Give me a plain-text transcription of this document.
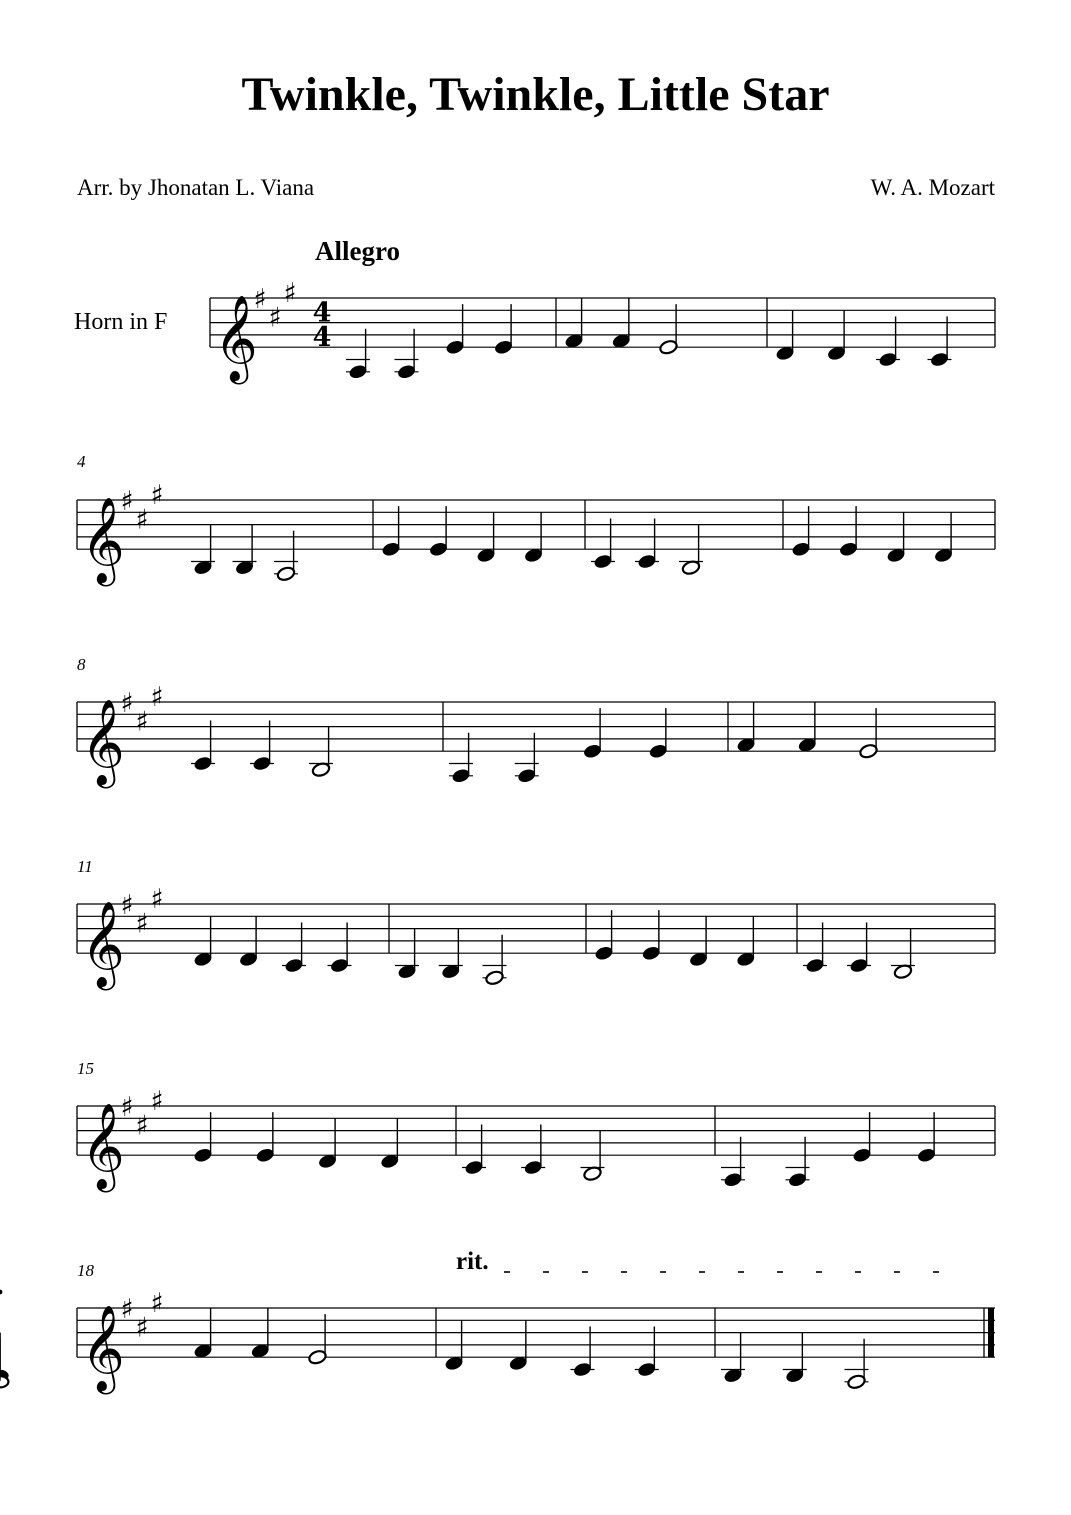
Twinkle, Twinkle, Little Star
Arr. by Jhonatan L. Viana	W. A. Mozart
Allegro
Horn in F
rit.
4
8
11
15
18
𝄞
♯
♯
♯
4
4
𝄞
♯
♯
♯
𝄞
♯
♯
♯
𝄞
♯
♯
♯
𝄞
♯
♯
♯
𝄞
♯
♯
♯
